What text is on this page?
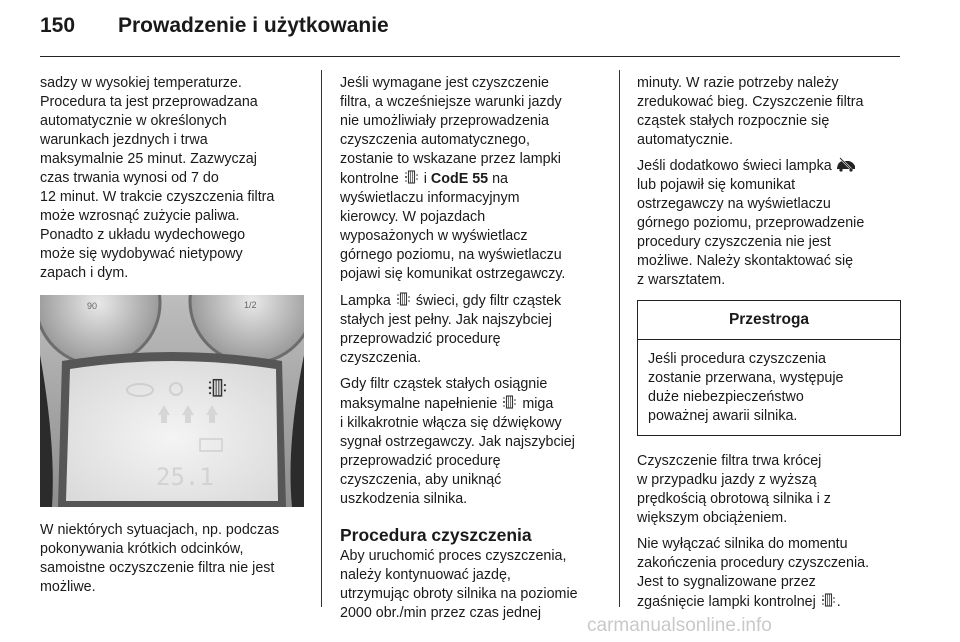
150 Prowadzenie i użytkowanie

sadzy w wysokiej temperaturze.
Procedura ta jest przeprowadzana
automatycznie w określonych
warunkach jezdnych i trwa
maksymalnie 25 minut. Zazwyczaj
czas trwania wynosi od 7 do
12 minut. W trakcie czyszczenia filtra
może wzrosnąć zużycie paliwa.
Ponadto z układu wydechowego
może się wydobywać nietypowy
zapach i dym.

90	1/2
25.1

W niektórych sytuacjach, np. podczas
pokonywania krótkich odcinków,
samoistne oczyszczenie filtra nie jest
możliwe.

Jeśli wymagane jest czyszczenie
filtra, a wcześniejsze warunki jazdy
nie umożliwiały przeprowadzenia
czyszczenia automatycznego,
zostanie to wskazane przez lampki
kontrolne  i CodE 55 na
wyświetlaczu informacyjnym
kierowcy. W pojazdach
wyposażonych w wyświetlacz
górnego poziomu, na wyświetlaczu
pojawi się komunikat ostrzegawczy.

Lampka  świeci, gdy filtr cząstek
stałych jest pełny. Jak najszybciej
przeprowadzić procedurę
czyszczenia.

Gdy filtr cząstek stałych osiągnie
maksymalne napełnienie  miga
i kilkakrotnie włącza się dźwiękowy
sygnał ostrzegawczy. Jak najszybciej
przeprowadzić procedurę
czyszczenia, aby uniknąć
uszkodzenia silnika.

Procedura czyszczenia

Aby uruchomić proces czyszczenia,
należy kontynuować jazdę,
utrzymując obroty silnika na poziomie
2000 obr./min przez czas jednej

minuty. W razie potrzeby należy
zredukować bieg. Czyszczenie filtra
cząstek stałych rozpocznie się
automatycznie.

Jeśli dodatkowo świeci lampka
lub pojawił się komunikat
ostrzegawczy na wyświetlaczu
górnego poziomu, przeprowadzenie
procedury czyszczenia nie jest
możliwe. Należy skontaktować się
z warsztatem.

Przestroga
Jeśli procedura czyszczenia
zostanie przerwana, występuje
duże niebezpieczeństwo
poważnej awarii silnika.

Czyszczenie filtra trwa krócej
w przypadku jazdy z wyższą
prędkością obrotową silnika i z
większym obciążeniem.

Nie wyłączać silnika do momentu
zakończenia procedury czyszczenia.
Jest to sygnalizowane przez
zgaśnięcie lampki kontrolnej .

carmanualsonline.info
